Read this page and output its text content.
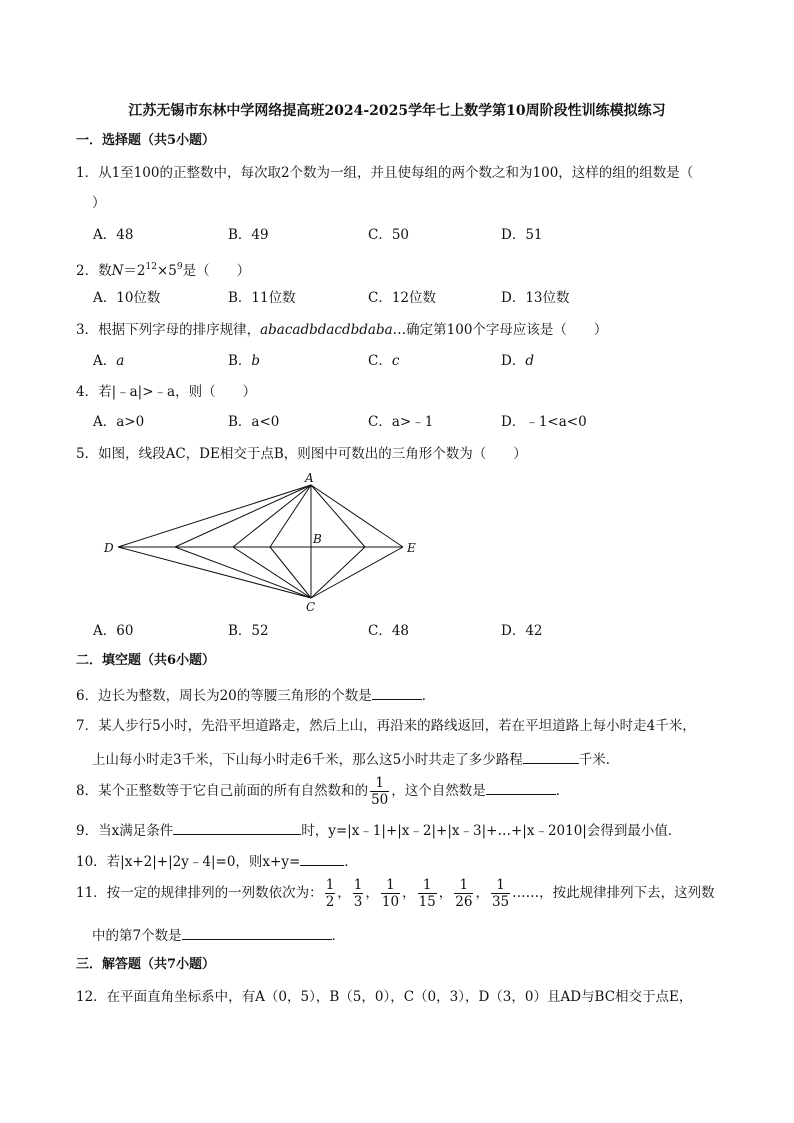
江苏无锡市东林中学网络提高班2024-2025学年七上数学第10周阶段性训练模拟练习
一．选择题（共5小题）
1．从1至100的正整数中，每次取2个数为一组，并且使每组的两个数之和为100，这样的组的组数是（
）
A．48	B．49	C．50	D．51
2．数$N=2^{12}\times 5^9$是（　　）
A．10位数	B．11位数	C．12位数	D．13位数
3．根据下列字母的排序规律，abacadbdacdbdaba…确定第100个字母应该是（　　）
A．a	B．b	C．c	D．d
4．若|﹣a|>﹣a，则（　　）
A．a>0	B．a<0	C．a>﹣1	D．﹣1<a<0
5．如图，线段AC，DE相交于点B，则图中可数出的三角形个数为（　　）
A
B
C
D	E
A．60	B．52	C．48	D．42
二．填空题（共6小题）
6．边长为整数，周长为20的等腰三角形的个数是	．
7．某人步行5小时，先沿平坦道路走，然后上山，再沿来的路线返回，若在平坦道路上每小时走4千米，
上山每小时走3千米，下山每小时走6千米，那么这5小时共走了多少路程	千米．
8．某个正整数等于它自己前面的所有自然数和的 $\frac{1}{50}$ ，这个自然数是	．
9．当x满足条件	时，y=|x﹣1|+|x﹣2|+|x﹣3|+…+|x﹣2010|会得到最小值．
10．若|x+2|+|2y﹣4|=0，则x+y=	．
11．按一定的规律排列的一列数依次为： $\frac{1}{2}$ ， $\frac{1}{3}$ ， $\frac{1}{10}$ ， $\frac{1}{15}$ ， $\frac{1}{26}$ ， $\frac{1}{35}$ ……，按此规律排列下去，这列数
中的第7个数是	．
三．解答题（共7小题）
12．在平面直角坐标系中，有A（0，5），B（5，0），C（0，3），D（3，0）且AD与BC相交于点E，
